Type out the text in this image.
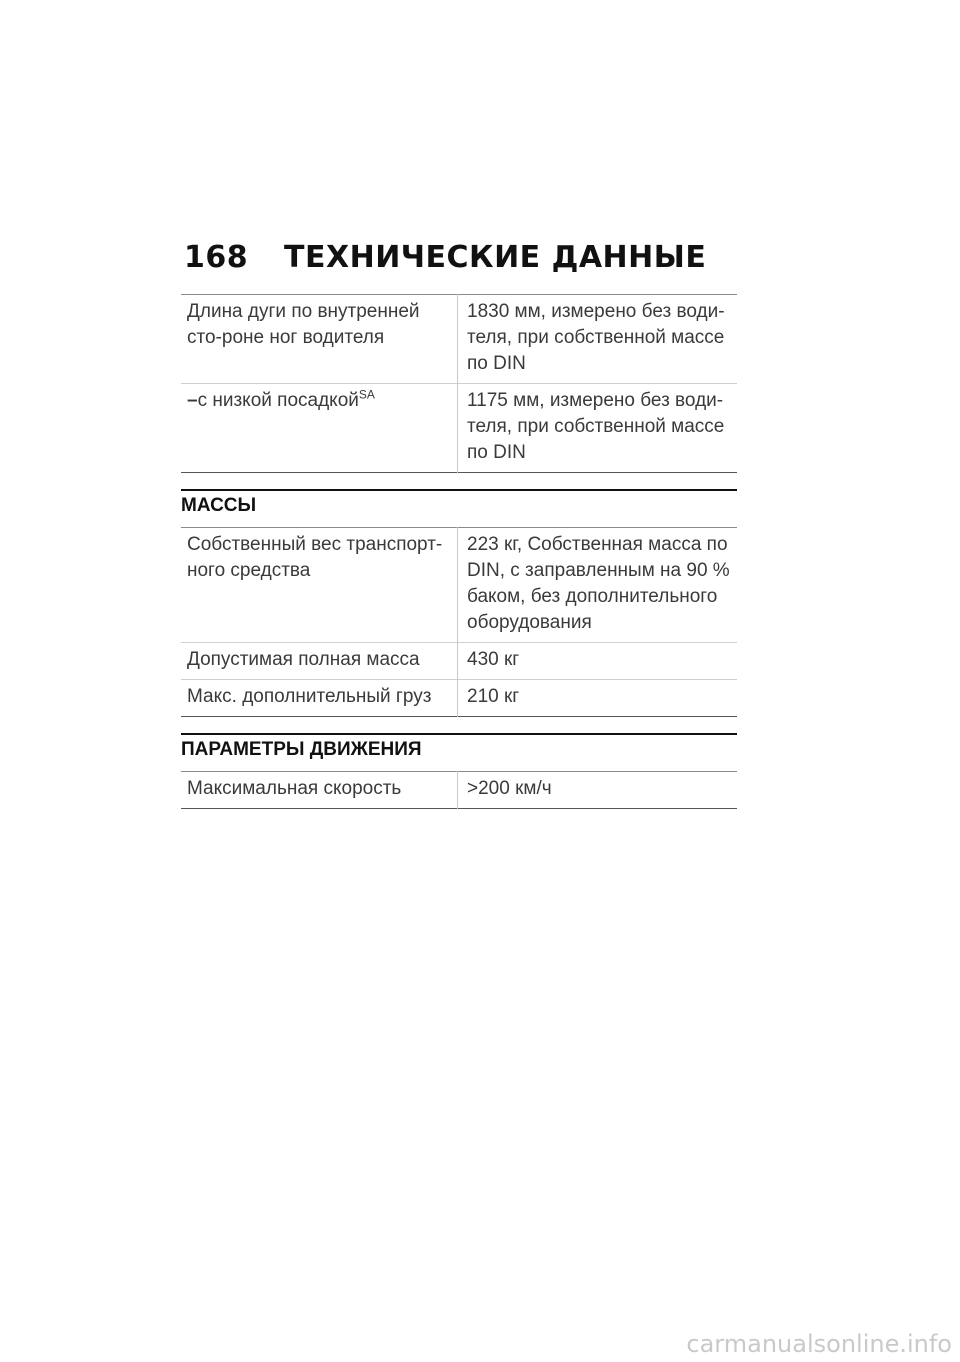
168 ТЕХНИЧЕСКИЕ ДАННЫЕ
Длина дуги по внутренней сто-роне ног водителя	1830 мм, измерено без води-теля, при собственной массе по DIN
–с низкой посадкой$^{SA}$	1175 мм, измерено без води-теля, при собственной массе по DIN
МАССЫ
Собственный вес транспорт-ного средства	223 кг, Собственная масса по DIN, с заправленным на 90 % баком, без дополнительного оборудования
Допустимая полная масса	430 кг
Макс. дополнительный груз	210 кг
ПАРАМЕТРЫ ДВИЖЕНИЯ
Максимальная скорость	>200 км/ч
carmanualsonline.info
